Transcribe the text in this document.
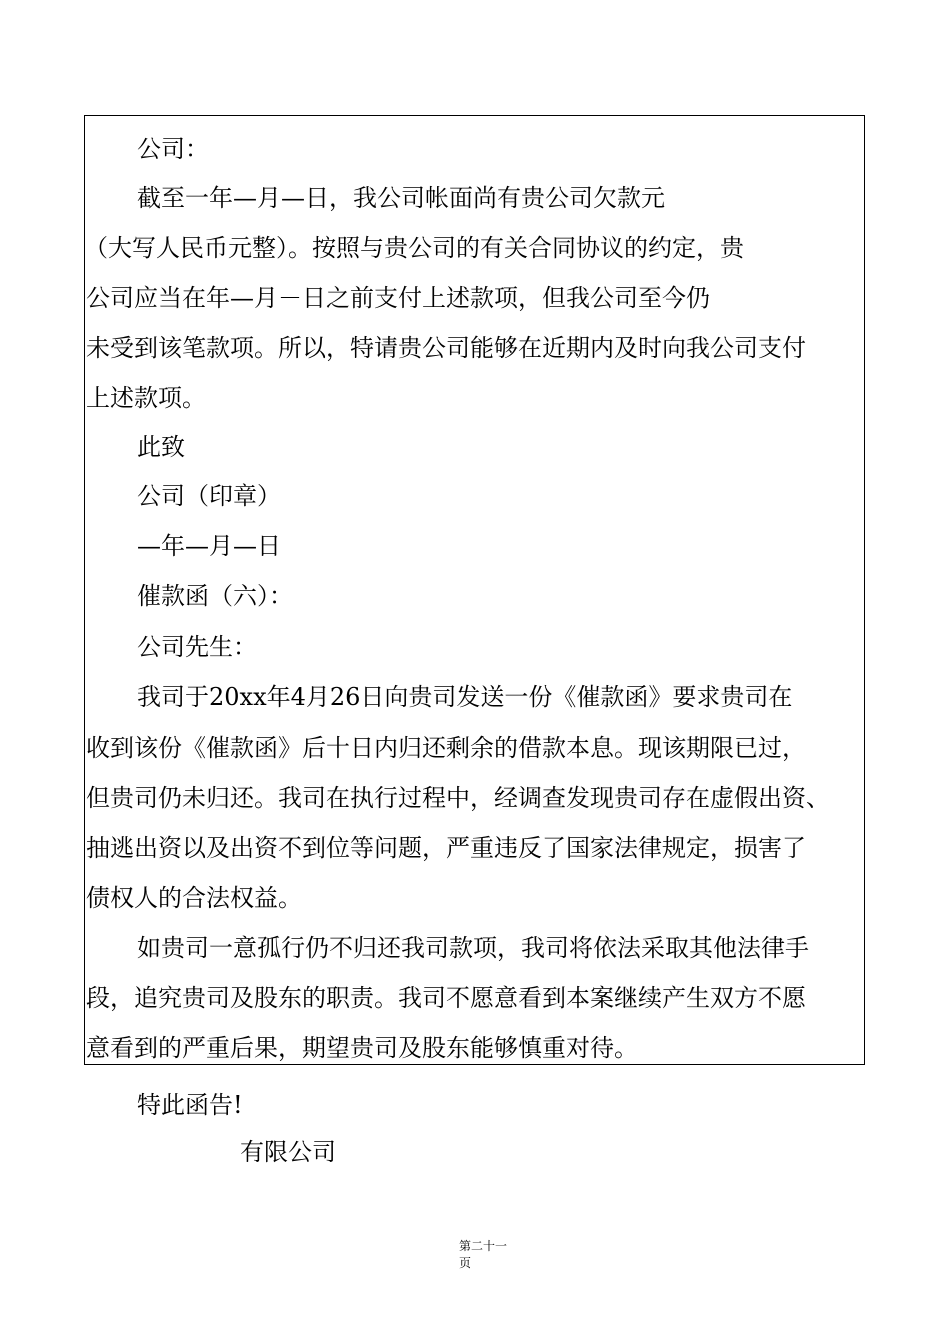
公司：
截至一年—月—日，我公司帐面尚有贵公司欠款元
（大写人民币元整）。按照与贵公司的有关合同协议的约定，贵
公司应当在年—月－日之前支付上述款项，但我公司至今仍
未受到该笔款项。所以，特请贵公司能够在近期内及时向我公司支付
上述款项。
此致
公司（印章）
—年—月—日
催款函（六）：
公司先生：
我司于20xx年4月26日向贵司发送一份《催款函》要求贵司在
收到该份《催款函》后十日内归还剩余的借款本息。现该期限已过，
但贵司仍未归还。我司在执行过程中，经调查发现贵司存在虚假出资、
抽逃出资以及出资不到位等问题，严重违反了国家法律规定，损害了
债权人的合法权益。
如贵司一意孤行仍不归还我司款项，我司将依法采取其他法律手
段，追究贵司及股东的职责。我司不愿意看到本案继续产生双方不愿
意看到的严重后果，期望贵司及股东能够慎重对待。
特此函告!
有限公司
第二十一
页
